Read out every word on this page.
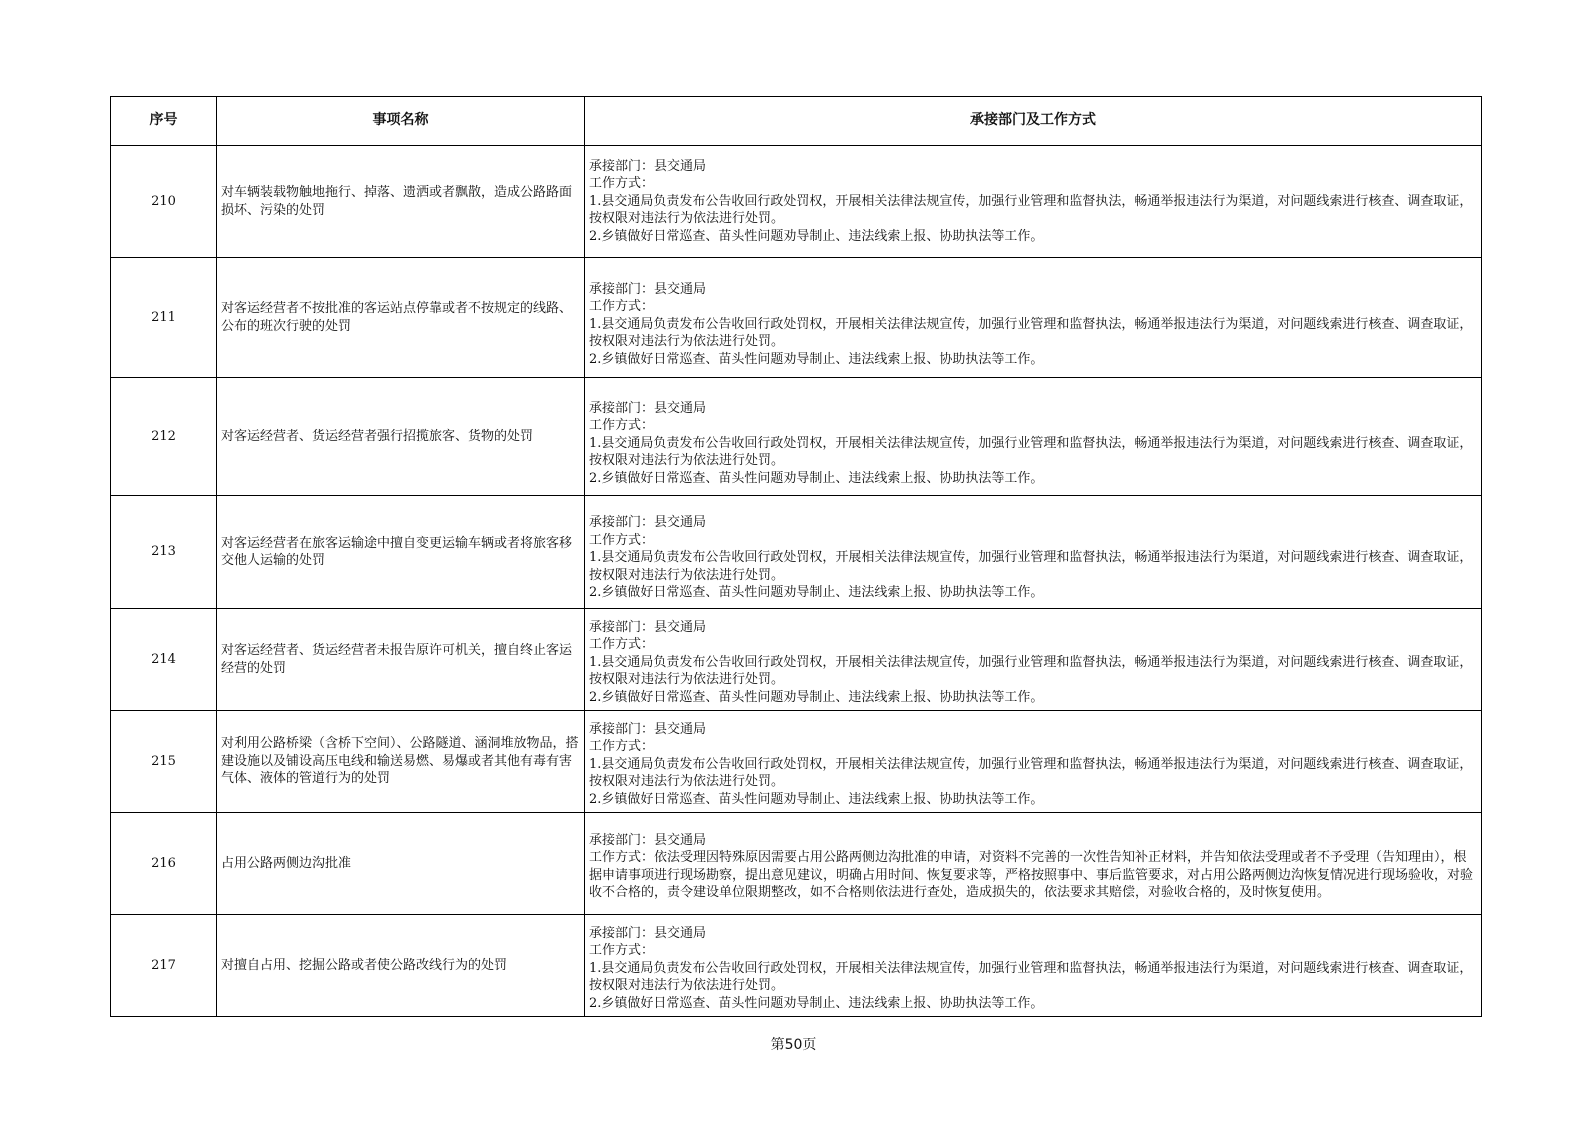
序号	事项名称	承接部门及工作方式
210	对车辆装载物触地拖行、掉落、遗洒或者飘散，造成公路路面损坏、污染的处罚	承接部门：县交通局
工作方式：
1.县交通局负责发布公告收回行政处罚权，开展相关法律法规宣传，加强行业管理和监督执法，畅通举报违法行为渠道，对问题线索进行核查、调查取证，按权限对违法行为依法进行处罚。
2.乡镇做好日常巡查、苗头性问题劝导制止、违法线索上报、协助执法等工作。

211	对客运经营者不按批准的客运站点停靠或者不按规定的线路、公布的班次行驶的处罚	承接部门：县交通局
工作方式：
1.县交通局负责发布公告收回行政处罚权，开展相关法律法规宣传，加强行业管理和监督执法，畅通举报违法行为渠道，对问题线索进行核查、调查取证，按权限对违法行为依法进行处罚。
2.乡镇做好日常巡查、苗头性问题劝导制止、违法线索上报、协助执法等工作。

212	对客运经营者、货运经营者强行招揽旅客、货物的处罚	承接部门：县交通局
工作方式：
1.县交通局负责发布公告收回行政处罚权，开展相关法律法规宣传，加强行业管理和监督执法，畅通举报违法行为渠道，对问题线索进行核查、调查取证，按权限对违法行为依法进行处罚。
2.乡镇做好日常巡查、苗头性问题劝导制止、违法线索上报、协助执法等工作。

213	对客运经营者在旅客运输途中擅自变更运输车辆或者将旅客移交他人运输的处罚	承接部门：县交通局
工作方式：
1.县交通局负责发布公告收回行政处罚权，开展相关法律法规宣传，加强行业管理和监督执法，畅通举报违法行为渠道，对问题线索进行核查、调查取证，按权限对违法行为依法进行处罚。
2.乡镇做好日常巡查、苗头性问题劝导制止、违法线索上报、协助执法等工作。

214	对客运经营者、货运经营者未报告原许可机关，擅自终止客运经营的处罚	承接部门：县交通局
工作方式：
1.县交通局负责发布公告收回行政处罚权，开展相关法律法规宣传，加强行业管理和监督执法，畅通举报违法行为渠道，对问题线索进行核查、调查取证，按权限对违法行为依法进行处罚。
2.乡镇做好日常巡查、苗头性问题劝导制止、违法线索上报、协助执法等工作。

215	对利用公路桥梁（含桥下空间）、公路隧道、涵洞堆放物品，搭建设施以及铺设高压电线和输送易燃、易爆或者其他有毒有害气体、液体的管道行为的处罚	承接部门：县交通局
工作方式：
1.县交通局负责发布公告收回行政处罚权，开展相关法律法规宣传，加强行业管理和监督执法，畅通举报违法行为渠道，对问题线索进行核查、调查取证，按权限对违法行为依法进行处罚。
2.乡镇做好日常巡查、苗头性问题劝导制止、违法线索上报、协助执法等工作。

216	占用公路两侧边沟批准	承接部门：县交通局
工作方式：依法受理因特殊原因需要占用公路两侧边沟批准的申请，对资料不完善的一次性告知补正材料，并告知依法受理或者不予受理（告知理由），根据申请事项进行现场勘察，提出意见建议，明确占用时间、恢复要求等，严格按照事中、事后监管要求，对占用公路两侧边沟恢复情况进行现场验收，对验收不合格的，责令建设单位限期整改，如不合格则依法进行查处，造成损失的，依法要求其赔偿，对验收合格的，及时恢复使用。

217	对擅自占用、挖掘公路或者使公路改线行为的处罚	承接部门：县交通局
工作方式：
1.县交通局负责发布公告收回行政处罚权，开展相关法律法规宣传，加强行业管理和监督执法，畅通举报违法行为渠道，对问题线索进行核查、调查取证，按权限对违法行为依法进行处罚。
2.乡镇做好日常巡查、苗头性问题劝导制止、违法线索上报、协助执法等工作。
第50页
